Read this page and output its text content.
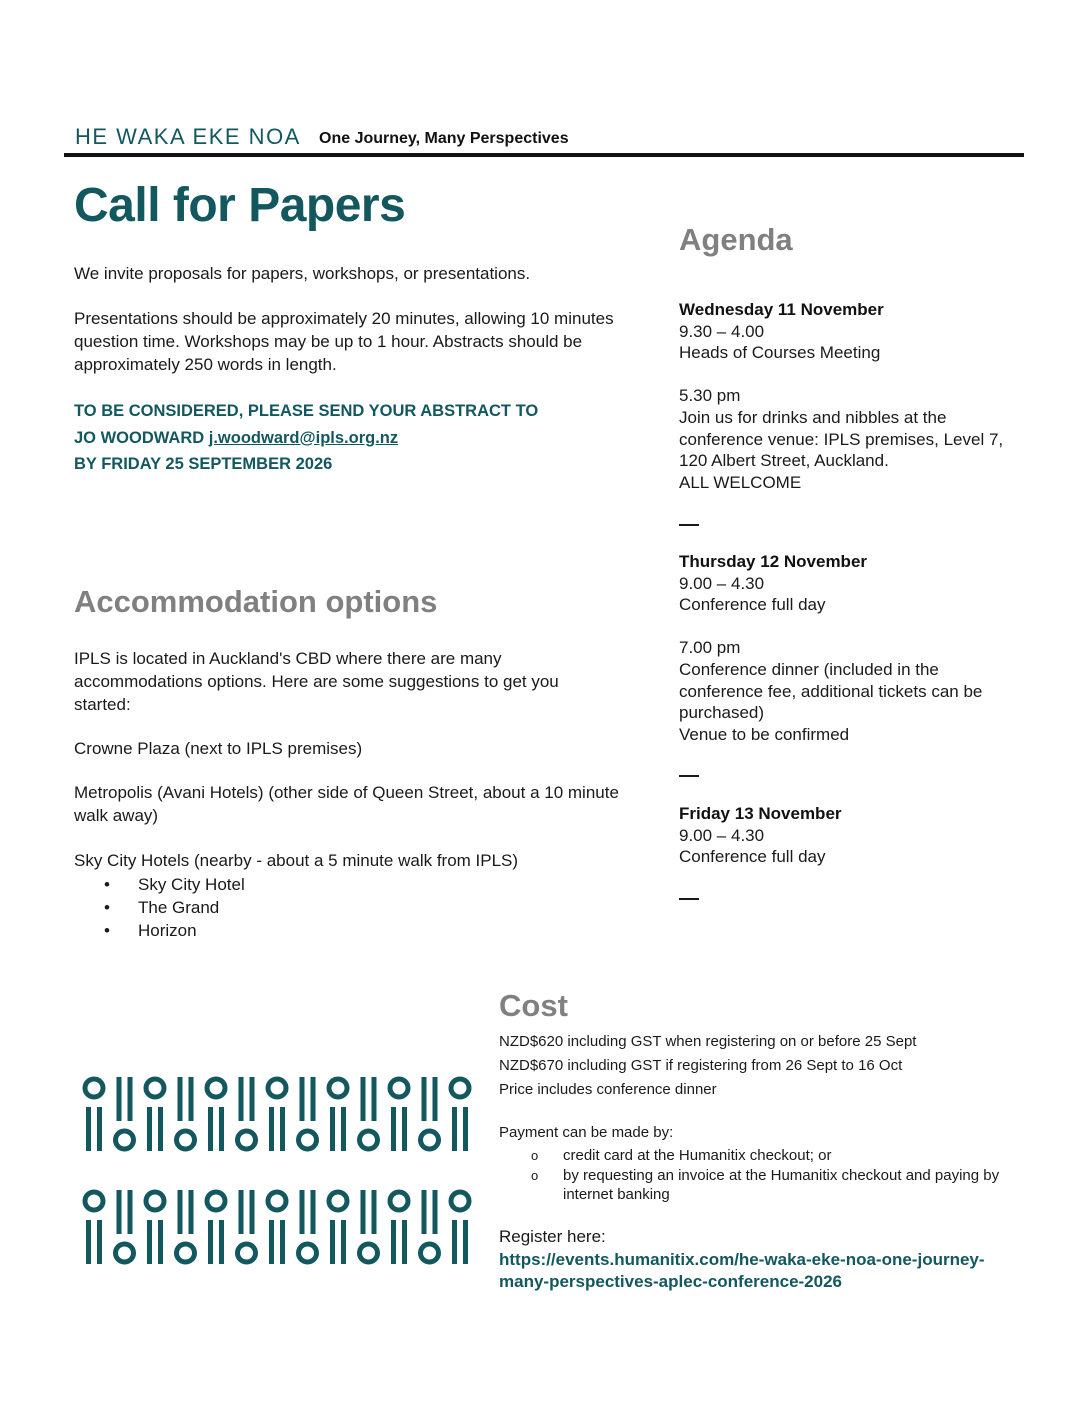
HE WAKA EKE NOA One Journey, Many Perspectives
Call for Papers
We invite proposals for papers, workshops, or presentations.
Presentations should be approximately 20 minutes, allowing 10 minutes question time. Workshops may be up to 1 hour. Abstracts should be approximately 250 words in length.
TO BE CONSIDERED, PLEASE SEND YOUR ABSTRACT TO
JO WOODWARD j.woodward@ipls.org.nz
BY FRIDAY 25 SEPTEMBER 2026
Accommodation options
IPLS is located in Auckland's CBD where there are many accommodations options. Here are some suggestions to get you started:
Crowne Plaza (next to IPLS premises)
Metropolis (Avani Hotels) (other side of Queen Street, about a 10 minute walk away)
Sky City Hotels (nearby - about a 5 minute walk from IPLS)
• Sky City Hotel
• The Grand
• Horizon
Agenda
Wednesday 11 November
9.30 – 4.00
Heads of Courses Meeting
5.30 pm
Join us for drinks and nibbles at the conference venue: IPLS premises, Level 7, 120 Albert Street, Auckland.
ALL WELCOME
Thursday 12 November
9.00 – 4.30
Conference full day
7.00 pm
Conference dinner (included in the conference fee, additional tickets can be purchased)
Venue to be confirmed
Friday 13 November
9.00 – 4.30
Conference full day
Cost
NZD$620 including GST when registering on or before 25 Sept
NZD$670 including GST if registering from 26 Sept to 16 Oct
Price includes conference dinner
Payment can be made by:
o credit card at the Humanitix checkout; or
o by requesting an invoice at the Humanitix checkout and paying by internet banking
Register here:
https://events.humanitix.com/he-waka-eke-noa-one-journey-many-perspectives-aplec-conference-2026
